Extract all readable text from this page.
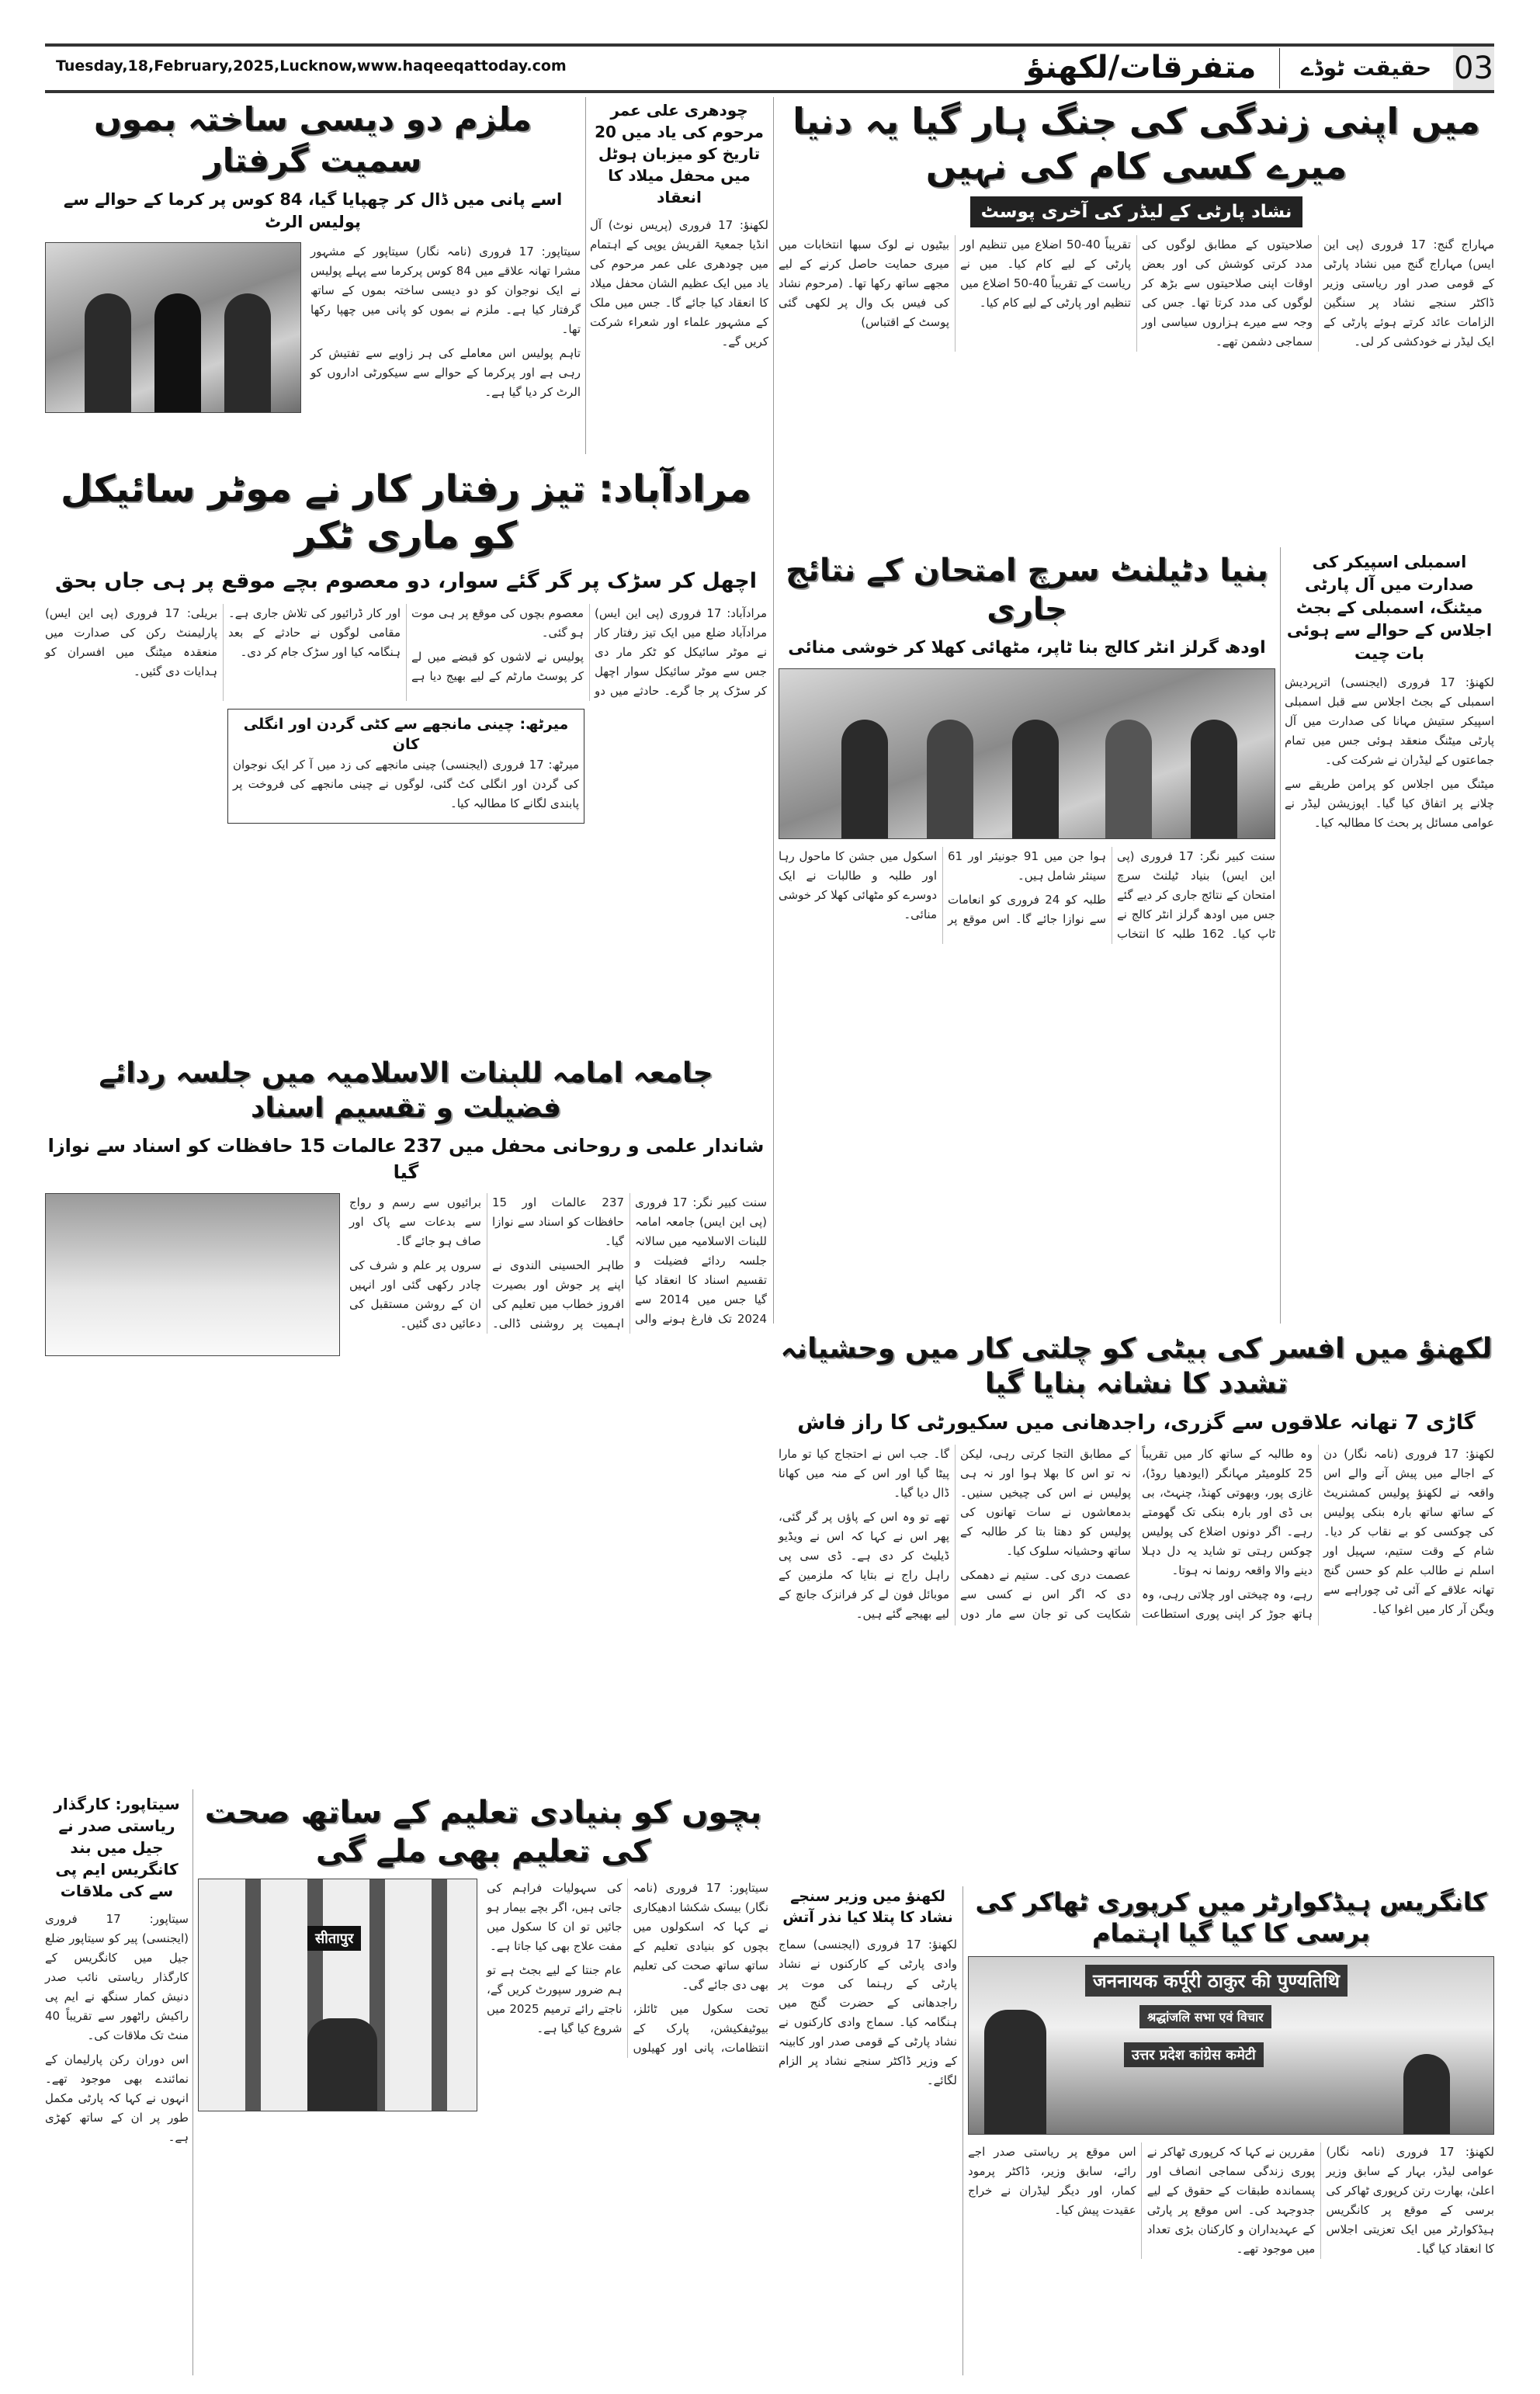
Tuesday,18,February,2025,Lucknow,www.haqeeqattoday.com	متفرقات/لکھنؤ	حقیقت ٹوڈے 03
ملزم دو دیسی ساختہ بموں سمیت گرفتار
اسے پانی میں ڈال کر چھپایا گیا، 84 کوس پر کرما کے حوالے سے پولیس الرٹ

سیتاپور: 17 فروری (نامہ نگار) سیتاپور کے مشہور مشرا تھانہ علاقے میں 84 کوس پرکرما سے پہلے پولیس نے ایک نوجوان کو دو دیسی ساختہ بموں کے ساتھ گرفتار کیا ہے۔ ملزم نے بموں کو پانی میں چھپا رکھا تھا۔

تاہم پولیس اس معاملے کی ہر زاویے سے تفتیش کر رہی ہے اور پرکرما کے حوالے سے سیکورٹی اداروں کو الرٹ کر دیا گیا ہے۔

چودھری علی عمر مرحوم کی یاد میں 20 تاریخ کو میزبان ہوٹل میں محفل میلاد کا انعقاد

لکھنؤ: 17 فروری (پریس نوٹ) آل انڈیا جمعیۃ القریش یوپی کے اہتمام میں چودھری علی عمر مرحوم کی یاد میں ایک عظیم الشان محفل میلاد کا انعقاد کیا جائے گا۔ جس میں ملک کے مشہور علماء اور شعراء شرکت کریں گے۔

میں اپنی زندگی کی جنگ ہار گیا یہ دنیا میرے کسی کام کی نہیں
نشاد پارٹی کے لیڈر کی آخری پوسٹ

مہاراج گنج: 17 فروری (پی این ایس) مہاراج گنج میں نشاد پارٹی کے قومی صدر اور ریاستی وزیر ڈاکٹر سنجے نشاد پر سنگین الزامات عائد کرتے ہوئے پارٹی کے ایک لیڈر نے خودکشی کر لی۔

صلاحیتوں کے مطابق لوگوں کی مدد کرتی کوشش کی اور بعض اوقات اپنی صلاحیتوں سے بڑھ کر لوگوں کی مدد کرتا تھا۔ جس کی وجہ سے میرے ہزاروں سیاسی اور سماجی دشمن تھے۔

تقریباً 40-50 اضلاع میں تنظیم اور پارٹی کے لیے کام کیا۔ میں نے ریاست کے تقریباً 40-50 اضلاع میں تنظیم اور پارٹی کے لیے کام کیا۔

بیٹیوں نے لوک سبھا انتخابات میں میری حمایت حاصل کرنے کے لیے مجھے ساتھ رکھا تھا۔ (مرحوم نشاد کی فیس بک وال پر لکھی گئی پوسٹ کے اقتباس)

مرادآباد: تیز رفتار کار نے موٹر سائیکل کو ماری ٹکر
اچھل کر سڑک پر گر گئے سوار، دو معصوم بچے موقع پر ہی جاں بحق

مرادآباد: 17 فروری (پی این ایس) مرادآباد ضلع میں ایک تیز رفتار کار نے موٹر سائیکل کو ٹکر مار دی جس سے موٹر سائیکل سوار اچھل کر سڑک پر جا گرے۔ حادثے میں دو معصوم بچوں کی موقع پر ہی موت ہو گئی۔

پولیس نے لاشوں کو قبضے میں لے کر پوسٹ مارٹم کے لیے بھیج دیا ہے اور کار ڈرائیور کی تلاش جاری ہے۔ مقامی لوگوں نے حادثے کے بعد ہنگامہ کیا اور سڑک جام کر دی۔

بریلی: 17 فروری (پی این ایس) پارلیمنٹ رکن کی صدارت میں منعقدہ میٹنگ میں افسران کو ہدایات دی گئیں۔

میرٹھ: چینی مانجھے سے کٹی گردن اور انگلی کان

میرٹھ: 17 فروری (ایجنسی) چینی مانجھے کی زد میں آ کر ایک نوجوان کی گردن اور انگلی کٹ گئی، لوگوں نے چینی مانجھے کی فروخت پر پابندی لگانے کا مطالبہ کیا۔

بنیا دٹیلنٹ سرچ امتحان کے نتائج جاری
اودھ گرلز انٹر کالج بنا ٹاپر، مٹھائی کھلا کر خوشی منائی

سنت کبیر نگر: 17 فروری (پی این ایس) بنیاد ٹیلنٹ سرچ امتحان کے نتائج جاری کر دیے گئے جس میں اودھ گرلز انٹر کالج نے ٹاپ کیا۔ 162 طلبہ کا انتخاب ہوا جن میں 91 جونیئر اور 61 سینئر شامل ہیں۔

طلبہ کو 24 فروری کو انعامات سے نوازا جائے گا۔ اس موقع پر اسکول میں جشن کا ماحول رہا اور طلبہ و طالبات نے ایک دوسرے کو مٹھائی کھلا کر خوشی منائی۔

اسمبلی اسپیکر کی صدارت میں آل پارٹی میٹنگ، اسمبلی کے بجٹ اجلاس کے حوالے سے ہوئی بات چیت

لکھنؤ: 17 فروری (ایجنسی) اترپردیش اسمبلی کے بجٹ اجلاس سے قبل اسمبلی اسپیکر ستیش مہانا کی صدارت میں آل پارٹی میٹنگ منعقد ہوئی جس میں تمام جماعتوں کے لیڈران نے شرکت کی۔

میٹنگ میں اجلاس کو پرامن طریقے سے چلانے پر اتفاق کیا گیا۔ اپوزیشن لیڈر نے عوامی مسائل پر بحث کا مطالبہ کیا۔

جامعہ امامہ للبنات الاسلامیہ میں جلسہ ردائے فضیلت و تقسیم اسناد
شاندار علمی و روحانی محفل میں 237 عالمات 15 حافظات کو اسناد سے نوازا گیا

سنت کبیر نگر: 17 فروری (پی این ایس) جامعہ امامہ للبنات الاسلامیہ میں سالانہ جلسہ ردائے فضیلت و تقسیم اسناد کا انعقاد کیا گیا جس میں 2014 سے 2024 تک فارغ ہونے والی 237 عالمات اور 15 حافظات کو اسناد سے نوازا گیا۔

طاہر الحسینی الندوی نے اپنے پر جوش اور بصیرت افروز خطاب میں تعلیم کی اہمیت پر روشنی ڈالی۔ برائیوں سے رسم و رواج سے بدعات سے پاک اور صاف ہو جائے گا۔

سروں پر علم و شرف کی چادر رکھی گئی اور انہیں ان کے روشن مستقبل کی دعائیں دی گئیں۔

لکھنؤ میں افسر کی بیٹی کو چلتی کار میں وحشیانہ تشدد کا نشانہ بنایا گیا
گاڑی 7 تھانہ علاقوں سے گزری، راجدھانی میں سکیورٹی کا راز فاش

لکھنؤ: 17 فروری (نامہ نگار) دن کے اجالے میں پیش آنے والے اس واقعہ نے لکھنؤ پولیس کمشنریٹ کے ساتھ ساتھ بارہ بنکی پولیس کی چوکسی کو بے نقاب کر دیا۔ شام کے وقت ستیم، سہیل اور اسلم نے طالب علم کو حسن گنج تھانہ علاقے کے آئی ٹی چوراہے سے ویگن آر کار میں اغوا کیا۔

وہ طالبہ کے ساتھ کار میں تقریباً 25 کلومیٹر مہانگر (ایودھیا روڈ)، غازی پور، وبھوتی کھنڈ، چنہٹ، بی بی ڈی اور بارہ بنکی تک گھومتے رہے۔ اگر دونوں اضلاع کی پولیس چوکس رہتی تو شاید یہ دل دہلا دینے والا واقعہ رونما نہ ہوتا۔

رہے، وہ چیختی اور چلاتی رہی، وہ ہاتھ جوڑ کر اپنی پوری استطاعت کے مطابق التجا کرتی رہی، لیکن نہ تو اس کا بھلا ہوا اور نہ ہی پولیس نے اس کی چیخیں سنیں۔ بدمعاشوں نے سات تھانوں کی پولیس کو دھتا بتا کر طالبہ کے ساتھ وحشیانہ سلوک کیا۔

عصمت دری کی۔ ستیم نے دھمکی دی کہ اگر اس نے کسی سے شکایت کی تو جان سے مار دوں گا۔ جب اس نے احتجاج کیا تو مارا پیٹا گیا اور اس کے منہ میں کھانا ڈال دیا گیا۔

تھے تو وہ اس کے پاؤں پر گر گئی، پھر اس نے کہا کہ اس نے ویڈیو ڈیلیٹ کر دی ہے۔ ڈی سی پی راہل راج نے بتایا کہ ملزمین کے موبائل فون لے کر فرانزک جانچ کے لیے بھیجے گئے ہیں۔

لکھنؤ میں وزیر سنجے نشاد کا پتلا کیا نذر آتش

لکھنؤ: 17 فروری (ایجنسی) سماج وادی پارٹی کے کارکنوں نے نشاد پارٹی کے رہنما کی موت پر راجدھانی کے حضرت گنج میں ہنگامہ کیا۔ سماج وادی کارکنوں نے نشاد پارٹی کے قومی صدر اور کابینہ کے وزیر ڈاکٹر سنجے نشاد پر الزام لگائے۔

کانگریس ہیڈکوارٹر میں کرپوری ٹھاکر کی برسی کا کیا گیا اہتمام
जननायक कर्पूरी ठाकुर की पुण्यतिथि
श्रद्धांजलि सभा एवं विचार
उत्तर प्रदेश कांग्रेस कमेटी

لکھنؤ: 17 فروری (نامہ نگار) عوامی لیڈر، بہار کے سابق وزیر اعلیٰ، بھارت رتن کرپوری ٹھاکر کی برسی کے موقع پر کانگریس ہیڈکوارٹر میں ایک تعزیتی اجلاس کا انعقاد کیا گیا۔

مقررین نے کہا کہ کرپوری ٹھاکر نے پوری زندگی سماجی انصاف اور پسماندہ طبقات کے حقوق کے لیے جدوجہد کی۔ اس موقع پر پارٹی کے عہدیداران و کارکنان بڑی تعداد میں موجود تھے۔

اس موقع پر ریاستی صدر اجے رائے، سابق وزیر، ڈاکٹر پرمود کمار، اور دیگر لیڈران نے خراج عقیدت پیش کیا۔

بچوں کو بنیادی تعلیم کے ساتھ صحت کی تعلیم بھی ملے گی

سیتاپور: 17 فروری (نامہ نگار) بیسک شکشا ادھیکاری نے کہا کہ اسکولوں میں بچوں کو بنیادی تعلیم کے ساتھ ساتھ صحت کی تعلیم بھی دی جائے گی۔

تحت سکول میں ٹائلز، بیوٹیفکیشن، پارک کے انتظامات، پانی اور کھیلوں کی سہولیات فراہم کی جاتی ہیں، اگر بچے بیمار ہو جائیں تو ان کا سکول میں مفت علاج بھی کیا جاتا ہے۔

عام جنتا کے لیے بجٹ ہے تو ہم ضرور سپورٹ کریں گے، ناجتے رائے ترمیم 2025 میں شروع کیا گیا ہے۔

सीतापुर
سیتاپور: کارگذار ریاستی صدر نے جیل میں بند کانگریس ایم پی سے کی ملاقات

سیتاپور: 17 فروری (ایجنسی) پیر کو سیتاپور ضلع جیل میں کانگریس کے کارگذار ریاستی نائب صدر دنیش کمار سنگھ نے ایم پی راکیش راٹھور سے تقریباً 40 منٹ تک ملاقات کی۔

اس دوران رکن پارلیمان کے نمائندے بھی موجود تھے۔ انہوں نے کہا کہ پارٹی مکمل طور پر ان کے ساتھ کھڑی ہے۔
